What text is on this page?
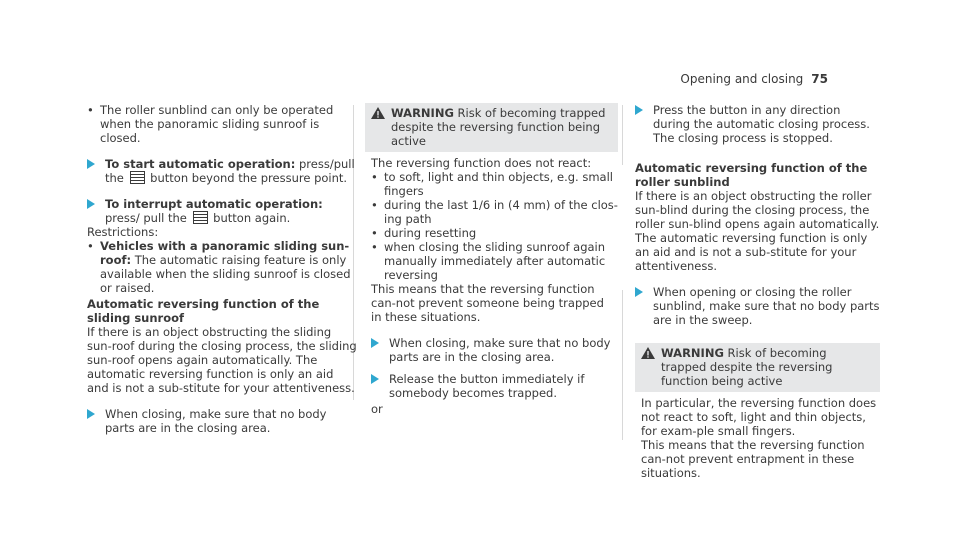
Opening and closing 75
• The roller sunblind can only be operated when the panoramic sliding sunroof is closed.
To start automatic operation: press/pull the  button beyond the pressure point.
To interrupt automatic operation: press/ pull the  button again.
Restrictions:
• Vehicles with a panoramic sliding sun-roof: The automatic raising feature is only available when the sliding sunroof is closed or raised.
Automatic reversing function of the sliding sunroof
If there is an object obstructing the sliding sun-roof during the closing process, the sliding sun-roof opens again automatically. The automatic reversing function is only an aid and is not a sub-stitute for your attentiveness.
When closing, make sure that no body parts are in the closing area.
WARNING Risk of becoming trapped despite the reversing function being active
The reversing function does not react:
• to soft, light and thin objects, e.g. small fingers
• during the last 1/6 in (4 mm) of the clos-ing path
• during resetting
• when closing the sliding sunroof again manually immediately after automatic reversing
This means that the reversing function can-not prevent someone being trapped in these situations.
When closing, make sure that no body parts are in the closing area.
Release the button immediately if somebody becomes trapped.
or
Press the button in any direction during the automatic closing process. The closing process is stopped.
Automatic reversing function of the roller sunblind
If there is an object obstructing the roller sun-blind during the closing process, the roller sun-blind opens again automatically. The automatic reversing function is only an aid and is not a sub-stitute for your attentiveness.
When opening or closing the roller sunblind, make sure that no body parts are in the sweep.
WARNING Risk of becoming trapped despite the reversing function being active
In particular, the reversing function does not react to soft, light and thin objects, for exam-ple small fingers.
This means that the reversing function can-not prevent entrapment in these situations.
